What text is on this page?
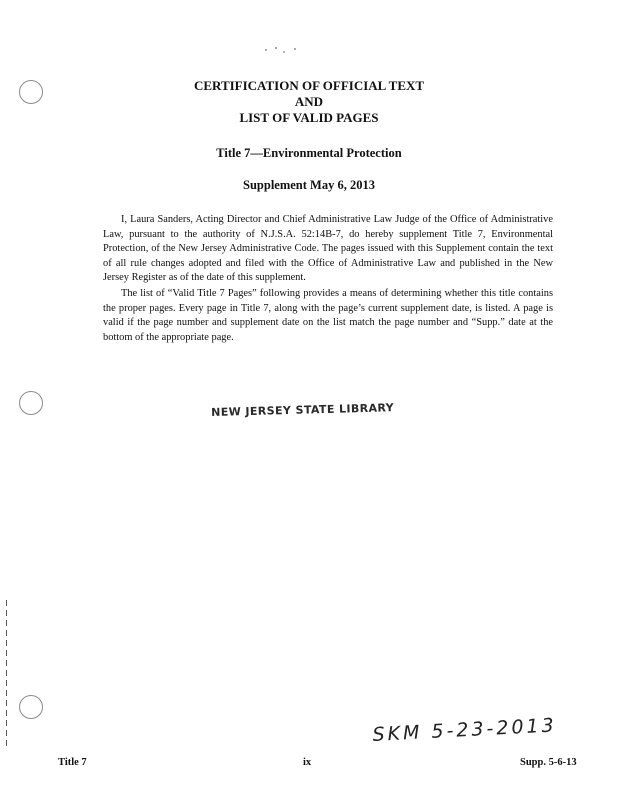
CERTIFICATION OF OFFICIAL TEXT
AND
LIST OF VALID PAGES
Title 7—Environmental Protection
Supplement May 6, 2013

I, Laura Sanders, Acting Director and Chief Administrative Law Judge of the Office of Administrative Law, pursuant to the authority of N.J.S.A. 52:14B-7, do hereby supplement Title 7, Environmental Protection, of the New Jersey Administrative Code. The pages issued with this Supplement contain the text of all rule changes adopted and filed with the Office of Administrative Law and published in the New Jersey Register as of the date of this supplement.

The list of “Valid Title 7 Pages” following provides a means of determining whether this title contains the proper pages. Every page in Title 7, along with the page’s current supplement date, is listed. A page is valid if the page number and supplement date on the list match the page number and “Supp.” date at the bottom of the appropriate page.

NEW JERSEY STATE LIBRARY
SKM 5-23-2013
Title 7	ix	Supp. 5-6-13
